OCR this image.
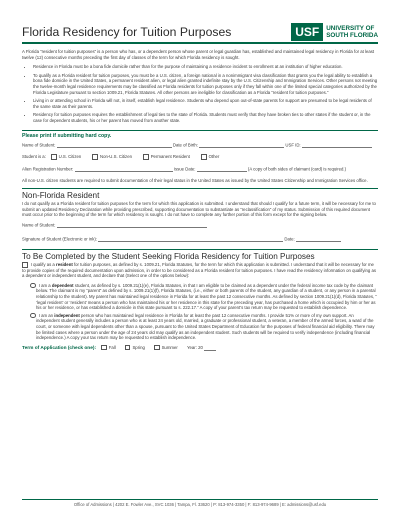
Florida Residency for Tuition Purposes	USF	UNIVERSITY OF
SOUTH FLORIDA

A Florida “resident for tuition purposes” is a person who has, or a dependent person whose parent or legal guardian has, established and maintained legal residency in Florida for at least twelve (12) consecutive months preceding the first day of classes of the term for which Florida residency is sought.

• Residence in Florida must be a bona fide domicile rather than for the purpose of maintaining a residence incident to enrollment at an institution of higher education.
• To qualify as a Florida resident for tuition purposes, you must be a U.S. citizen, a foreign national in a nonimmigrant visa classification that grants you the legal ability to establish a bona fide domicile in the United States, a permanent resident alien, or legal alien granted indefinite stay by the U.S. Citizenship and Immigration Services. Other persons not meeting the twelve-month legal residence requirements may be classified as Florida residents for tuition purposes only if they fall within one of the limited special categories authorized by the Florida Legislature pursuant to section 1009.21, Florida Statutes. All other persons are ineligible for classification as a Florida “resident for tuition purposes.”
• Living in or attending school in Florida will not, in itself, establish legal residence. Students who depend upon out-of-state parents for support are presumed to be legal residents of the same state as their parents.
• Residency for tuition purposes requires the establishment of legal ties to the state of Florida. Students must verify that they have broken ties to other states if the student or, in the case for dependent students, his or her parent has moved from another state.
Please print if submitting hard copy.
Name of Student:	Date of Birth:	USF ID:
Student is a:	U.S. Citizen	Non-U.S. Citizen	Permanent Resident	Other
Alien Registration Number:	Issue Date:	(A copy of both sides of claimant (card) is required.)

All non-U.S. citizen students are required to submit documentation of their legal status in the United States as issued by the United States Citizenship and Immigration Services office.

Non-Florida Resident

I do not qualify as a Florida resident for tuition purposes for the term for which this application is submitted. I understand that should I qualify for a future term, it will be necessary for me to submit an updated Residency Declaration while providing prescribed, supporting documentation to substantiate as “reclassification” of my status. Submission of this required document must occur prior to the beginning of the term for which residency is sought. I do not have to complete any further portion of this form except for the signing below.

Name of Student:
Signature of Student (Electronic or ink):	Date:
To Be Completed by the Student Seeking Florida Residency for Tuition Purposes

I qualify as a resident for tuition purposes, as defined by s. 1009.21, Florida Statutes, for the term for which this application is submitted. I understand that it will be necessary for me to provide copies of the required documentation upon admission, in order to be considered as a Florida resident for tuition purposes. I have read the residency information on qualifying as a dependent or independent student, and declare that (Select one of the options below):

I am a dependent student, as defined by s. 1009.21(1)(e), Florida Statutes, in that I am eligible to be claimed as a dependent under the federal income tax code by the claimant below. The claimant is my “parent” as defined by s. 1009.21(1)(f), Florida Statutes, (i.e., either or both parents of the student, any guardian of a student, or any person in a parental relationship to the student). My parent has maintained legal residence in Florida for at least the past 12 consecutive months. As defined by section 1009.21(1)(d), Florida Statutes, “ ‘legal resident’ or ‘resident’ means a person who has maintained his or her residence in this state for the preceding year, has purchased a home which is occupied by him or her as his or her residence, or has established a domicile in this state pursuant to s. 222.17.” A copy of your parent’s tax return may be requested to establish dependence.
I am an independent person who has maintained legal residence in Florida for at least the past 12 consecutive months. I provide 51% or more of my own support. An independent student generally includes a person who is at least 24 years old, married, a graduate or professional student, a veteran, a member of the armed forces, a ward of the court, or someone with legal dependents other than a spouse, pursuant to the United States Department of Education for the purposes of federal financial aid eligibility. There may be limited cases where a person under the age of 24 years old may qualify as an independent student. Such students will be required to verify independence (including financial independence.) A copy your tax return may be requested to establish independence.
Term of Application (check one):	Fall	Spring	Summer Year: 20
Office of Admissions | 4202 E. Fowler Ave., SVC 1036 | Tampa, Fl. 33620 | P: 813-974-3350 | F: 813-974-9689 | E: admissions@usf.edu
